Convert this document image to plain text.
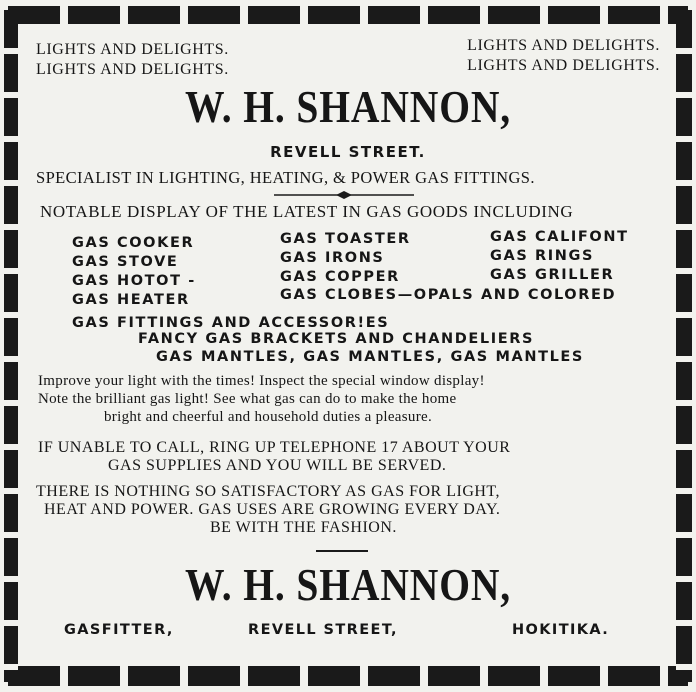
LIGHTS AND DELIGHTS.
LIGHTS AND DELIGHTS.
LIGHTS AND DELIGHTS.
LIGHTS AND DELIGHTS.
W. H. SHANNON,
REVELL STREET.
SPECIALIST IN LIGHTING, HEATING, & POWER GAS FITTINGS.
NOTABLE DISPLAY OF THE LATEST IN GAS GOODS INCLUDING
GAS COOKER
GAS STOVE
GAS HOTOT -
GAS HEATER
GAS TOASTER
GAS IRONS
GAS COPPER
GAS CALIFONT
GAS RINGS
GAS GRILLER
GAS CLOBES—OPALS AND COLORED
GAS FITTINGS AND ACCESSOR!ES
FANCY GAS BRACKETS AND CHANDELIERS
GAS MANTLES, GAS MANTLES, GAS MANTLES
Improve your light with the times! Inspect the special window display!
Note the brilliant gas light! See what gas can do to make the home
bright and cheerful and household duties a pleasure.
IF UNABLE TO CALL, RING UP TELEPHONE 17 ABOUT YOUR
GAS SUPPLIES AND YOU WILL BE SERVED.
THERE IS NOTHING SO SATISFACTORY AS GAS FOR LIGHT,
HEAT AND POWER. GAS USES ARE GROWING EVERY DAY.
BE WITH THE FASHION.
W. H. SHANNON,
GASFITTER,	REVELL STREET,	HOKITIKA.
